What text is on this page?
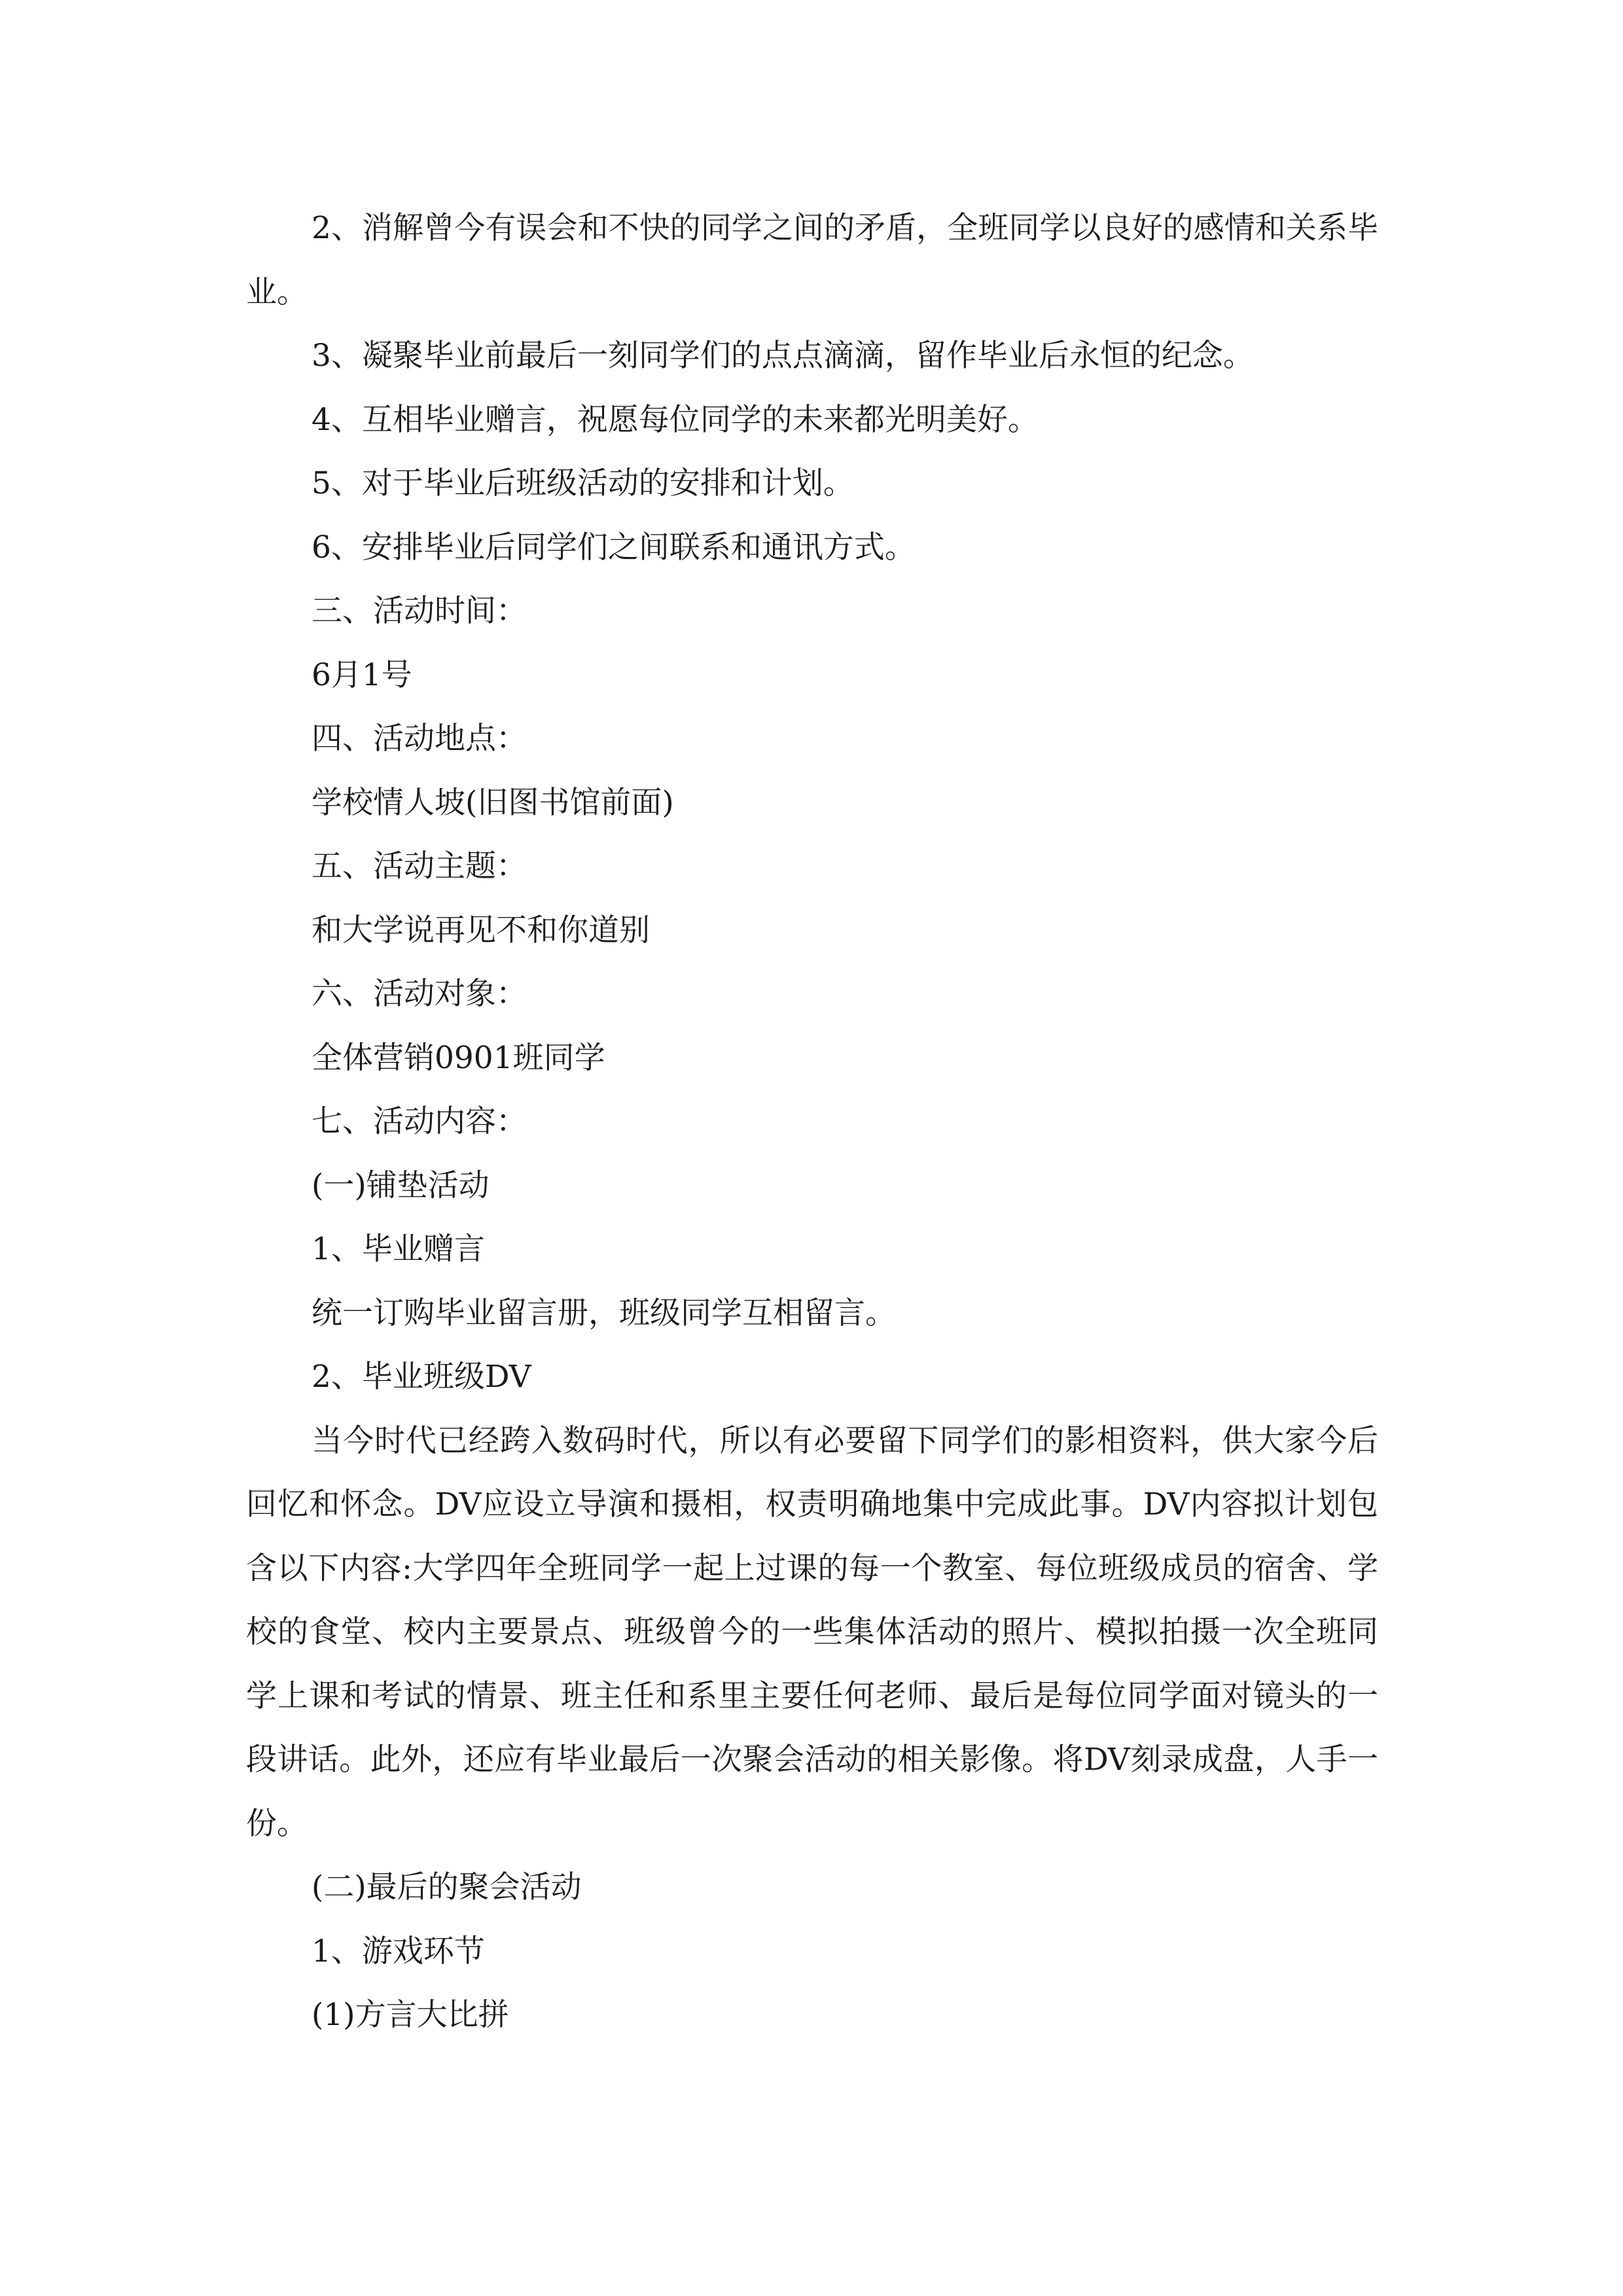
2、消解曾今有误会和不快的同学之间的矛盾，全班同学以良好的感情和关系毕业。

3、凝聚毕业前最后一刻同学们的点点滴滴，留作毕业后永恒的纪念。

4、互相毕业赠言，祝愿每位同学的未来都光明美好。

5、对于毕业后班级活动的安排和计划。

6、安排毕业后同学们之间联系和通讯方式。

三、活动时间：

6月1号

四、活动地点：

学校情人坡(旧图书馆前面)

五、活动主题：

和大学说再见不和你道别

六、活动对象：

全体营销0901班同学

七、活动内容：

(一)铺垫活动

1、毕业赠言

统一订购毕业留言册，班级同学互相留言。

2、毕业班级DV

当今时代已经跨入数码时代，所以有必要留下同学们的影相资料，供大家今后回忆和怀念。DV应设立导演和摄相，权责明确地集中完成此事。DV内容拟计划包含以下内容:大学四年全班同学一起上过课的每一个教室、每位班级成员的宿舍、学校的食堂、校内主要景点、班级曾今的一些集体活动的照片、模拟拍摄一次全班同学上课和考试的情景、班主任和系里主要任何老师、最后是每位同学面对镜头的一段讲话。此外，还应有毕业最后一次聚会活动的相关影像。将DV刻录成盘，人手一份。

(二)最后的聚会活动

1、游戏环节

(1)方言大比拼
